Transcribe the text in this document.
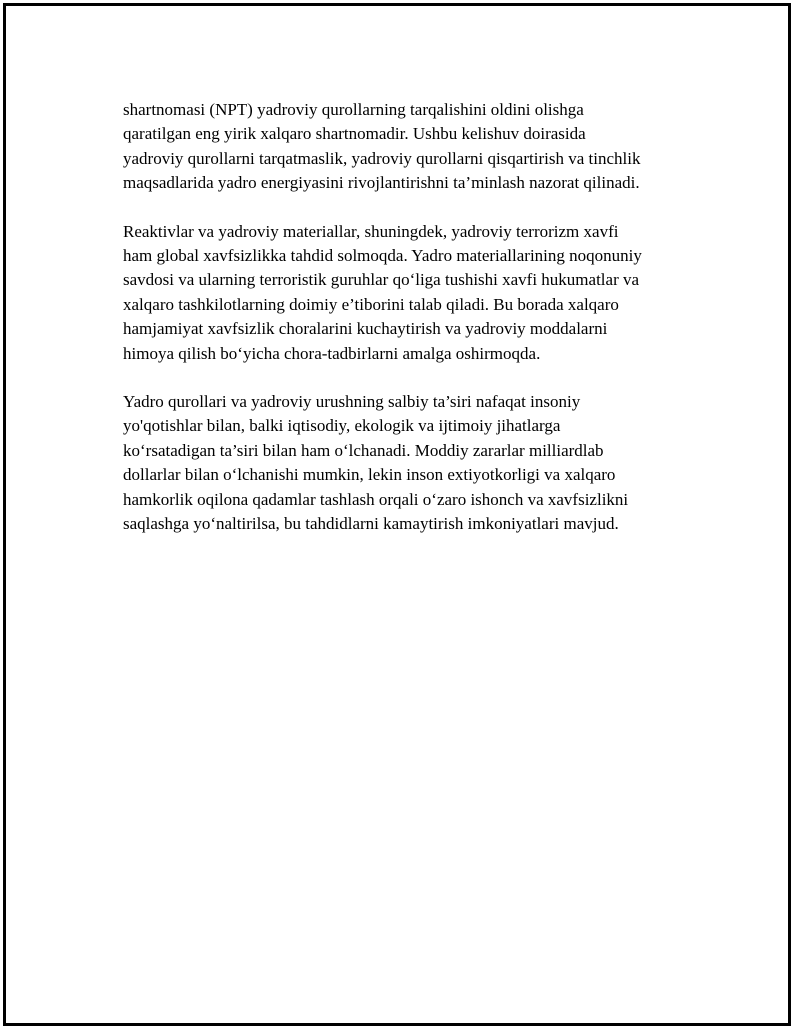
shartnomasi (NPT) yadroviy qurollarning tarqalishini oldini olishga
qaratilgan eng yirik xalqaro shartnomadir. Ushbu kelishuv doirasida
yadroviy qurollarni tarqatmaslik, yadroviy qurollarni qisqartirish va tinchlik
maqsadlarida yadro energiyasini rivojlantirishni ta’minlash nazorat qilinadi.

Reaktivlar va yadroviy materiallar, shuningdek, yadroviy terrorizm xavfi
ham global xavfsizlikka tahdid solmoqda. Yadro materiallarining noqonuniy
savdosi va ularning terroristik guruhlar qo‘liga tushishi xavfi hukumatlar va
xalqaro tashkilotlarning doimiy e’tiborini talab qiladi. Bu borada xalqaro
hamjamiyat xavfsizlik choralarini kuchaytirish va yadroviy moddalarni
himoya qilish bo‘yicha chora-tadbirlarni amalga oshirmoqda.

Yadro qurollari va yadroviy urushning salbiy ta’siri nafaqat insoniy
yo'qotishlar bilan, balki iqtisodiy, ekologik va ijtimoiy jihatlarga
ko‘rsatadigan ta’siri bilan ham o‘lchanadi. Moddiy zararlar milliardlab
dollarlar bilan o‘lchanishi mumkin, lekin inson extiyotkorligi va xalqaro
hamkorlik oqilona qadamlar tashlash orqali o‘zaro ishonch va xavfsizlikni
saqlashga yo‘naltirilsa, bu tahdidlarni kamaytirish imkoniyatlari mavjud.
